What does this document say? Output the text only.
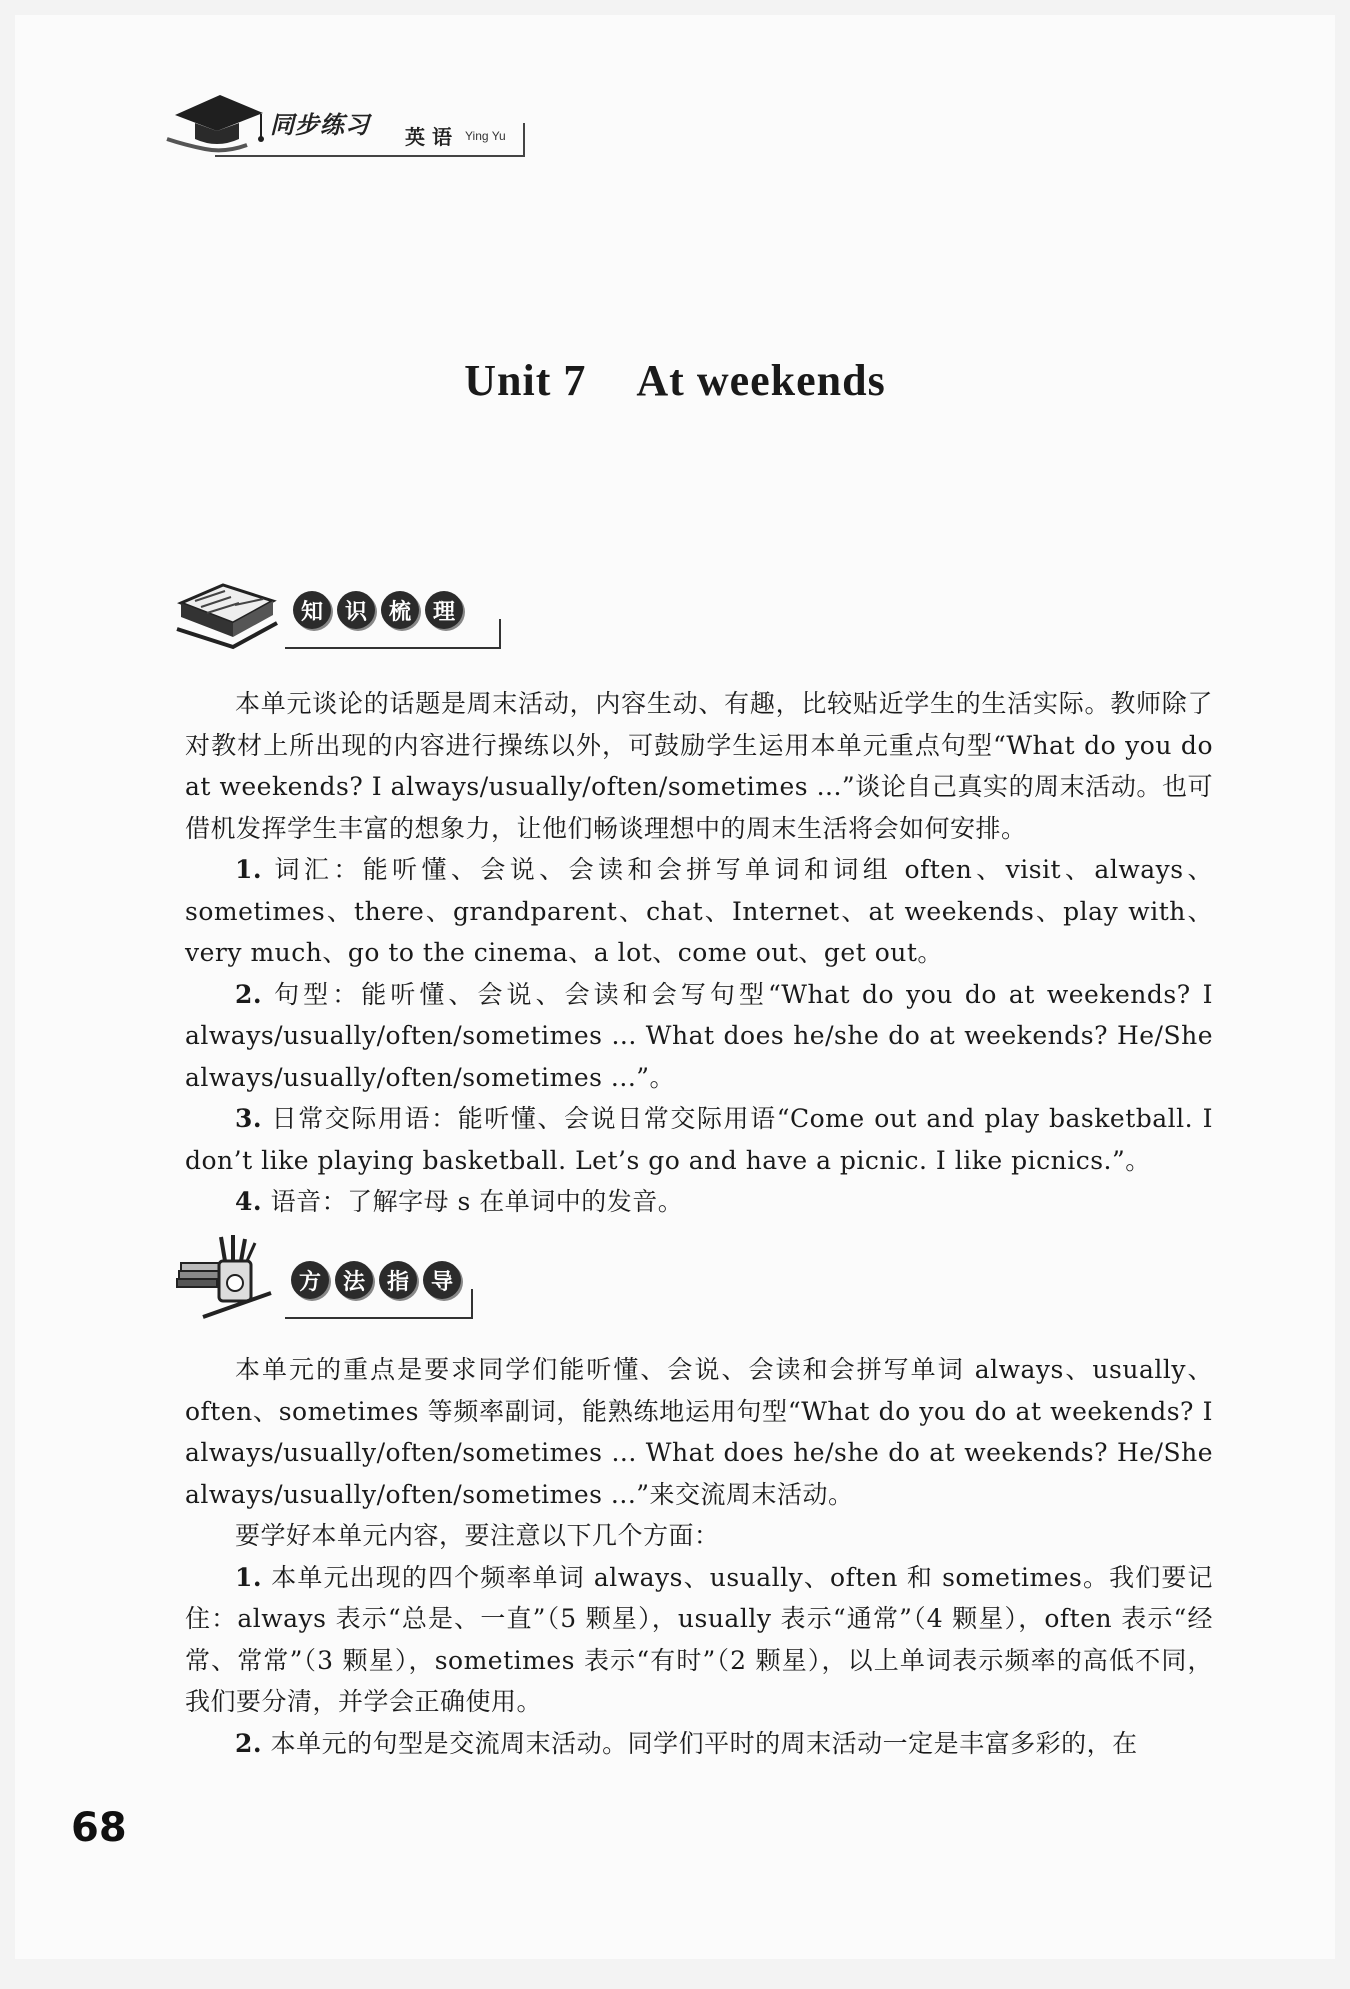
同步练习 英 语 Ying Yu
Unit 7 At weekends
知 识 梳 理

本单元谈论的话题是周末活动，内容生动、有趣，比较贴近学生的生活实际。教师除了对教材上所出现的内容进行操练以外，可鼓励学生运用本单元重点句型“What do you do at weekends? I always/usually/often/sometimes ...”谈论自己真实的周末活动。也可借机发挥学生丰富的想象力，让他们畅谈理想中的周末生活将会如何安排。

1. 词汇：能听懂、会说、会读和会拼写单词和词组 often、visit、always、sometimes、there、grandparent、chat、Internet、at weekends、play with、very much、go to the cinema、a lot、come out、get out。

2. 句型：能听懂、会说、会读和会写句型“What do you do at weekends? I always/usually/often/sometimes ... What does he/she do at weekends? He/She always/usually/often/sometimes ...”。

3. 日常交际用语：能听懂、会说日常交际用语“Come out and play basketball. I don’t like playing basketball. Let’s go and have a picnic. I like picnics.”。

4. 语音：了解字母 s 在单词中的发音。

方 法 指 导

本单元的重点是要求同学们能听懂、会说、会读和会拼写单词 always、usually、often、sometimes 等频率副词，能熟练地运用句型“What do you do at weekends? I always/usually/often/sometimes ... What does he/she do at weekends? He/She always/usually/often/sometimes ...”来交流周末活动。

要学好本单元内容，要注意以下几个方面：

1. 本单元出现的四个频率单词 always、usually、often 和 sometimes。我们要记住：always 表示“总是、一直”（5 颗星），usually 表示“通常”（4 颗星），often 表示“经常、常常”（3 颗星），sometimes 表示“有时”（2 颗星），以上单词表示频率的高低不同，我们要分清，并学会正确使用。

2. 本单元的句型是交流周末活动。同学们平时的周末活动一定是丰富多彩的，在

68
